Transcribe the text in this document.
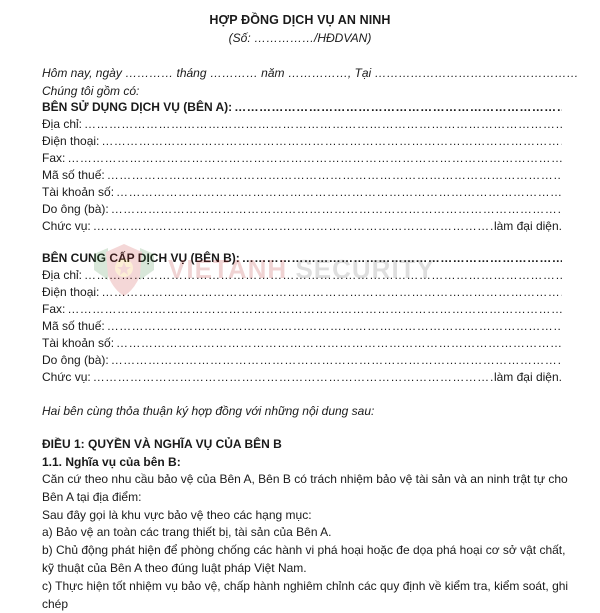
HỢP ĐỒNG DỊCH VỤ AN NINH
(Số: ……………/HĐDVAN)
Hôm nay, ngày ………… tháng ………… năm ……………, Tại ……………………………………………
Chúng tôi gồm có:
BÊN SỬ DỤNG DỊCH VỤ (BÊN A):
……………………………………………………………………………………………………………………………………………
Địa chỉ:
……………………………………………………………………………………………………………………………………………
Điện thoại:
……………………………………………………………………………………………………………………………………………
Fax:
……………………………………………………………………………………………………………………………………………
Mã số thuế:
……………………………………………………………………………………………………………………………………………
Tài khoản số:
……………………………………………………………………………………………………………………………………………
Do ông (bà):
……………………………………………………………………………………………………………………………………………
Chức vụ: ……………………………………………………………………………………………………………………………………………	làm đại diện.
BÊN CUNG CẤP DỊCH VỤ (BÊN B):
……………………………………………………………………………………………………………………………………………
Địa chỉ:
……………………………………………………………………………………………………………………………………………
Điện thoại:
……………………………………………………………………………………………………………………………………………
Fax:
……………………………………………………………………………………………………………………………………………
Mã số thuế:
……………………………………………………………………………………………………………………………………………
Tài khoản số:
……………………………………………………………………………………………………………………………………………
Do ông (bà):
……………………………………………………………………………………………………………………………………………
Chức vụ: ……………………………………………………………………………………………………………………………………………	làm đại diện.
Hai bên cùng thỏa thuận ký hợp đồng với những nội dung sau:
ĐIỀU 1: QUYỀN VÀ NGHĨA VỤ CỦA BÊN B
1.1. Nghĩa vụ của bên B:
Căn cứ theo nhu cầu bảo vệ của Bên A, Bên B có trách nhiệm bảo vệ tài sản và an ninh trật tự cho Bên A tại địa điểm:
Sau đây gọi là khu vực bảo vệ theo các hạng mục:
a) Bảo vệ an toàn các trang thiết bị, tài sản của Bên A.
b) Chủ động phát hiện để phòng chống các hành vi phá hoại hoặc đe dọa phá hoại cơ sở vật chất, kỹ thuật của Bên A theo đúng luật pháp Việt Nam.
c) Thực hiện tốt nhiệm vụ bảo vệ, chấp hành nghiêm chỉnh các quy định về kiểm tra, kiểm soát, ghi chép
VIETANH SECURITY
